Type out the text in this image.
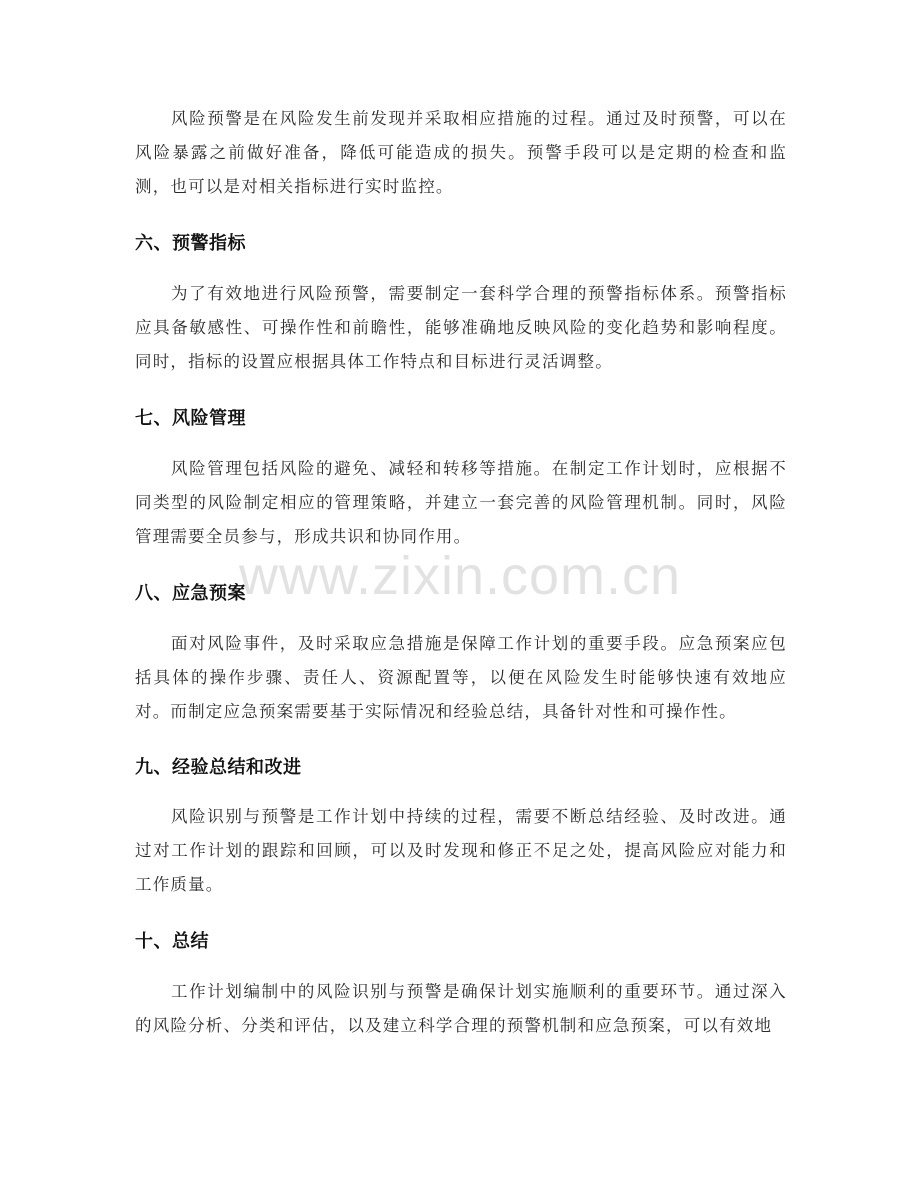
风险预警是在风险发生前发现并采取相应措施的过程。通过及时预警，可以在风险暴露之前做好准备，降低可能造成的损失。预警手段可以是定期的检查和监测，也可以是对相关指标进行实时监控。

六、预警指标

为了有效地进行风险预警，需要制定一套科学合理的预警指标体系。预警指标应具备敏感性、可操作性和前瞻性，能够准确地反映风险的变化趋势和影响程度。同时，指标的设置应根据具体工作特点和目标进行灵活调整。

七、风险管理

风险管理包括风险的避免、减轻和转移等措施。在制定工作计划时，应根据不同类型的风险制定相应的管理策略，并建立一套完善的风险管理机制。同时，风险管理需要全员参与，形成共识和协同作用。

八、应急预案

面对风险事件，及时采取应急措施是保障工作计划的重要手段。应急预案应包括具体的操作步骤、责任人、资源配置等，以便在风险发生时能够快速有效地应对。而制定应急预案需要基于实际情况和经验总结，具备针对性和可操作性。

九、经验总结和改进

风险识别与预警是工作计划中持续的过程，需要不断总结经验、及时改进。通过对工作计划的跟踪和回顾，可以及时发现和修正不足之处，提高风险应对能力和工作质量。

十、总结

工作计划编制中的风险识别与预警是确保计划实施顺利的重要环节。通过深入的风险分析、分类和评估，以及建立科学合理的预警机制和应急预案，可以有效地

www.zixin.com.cn
